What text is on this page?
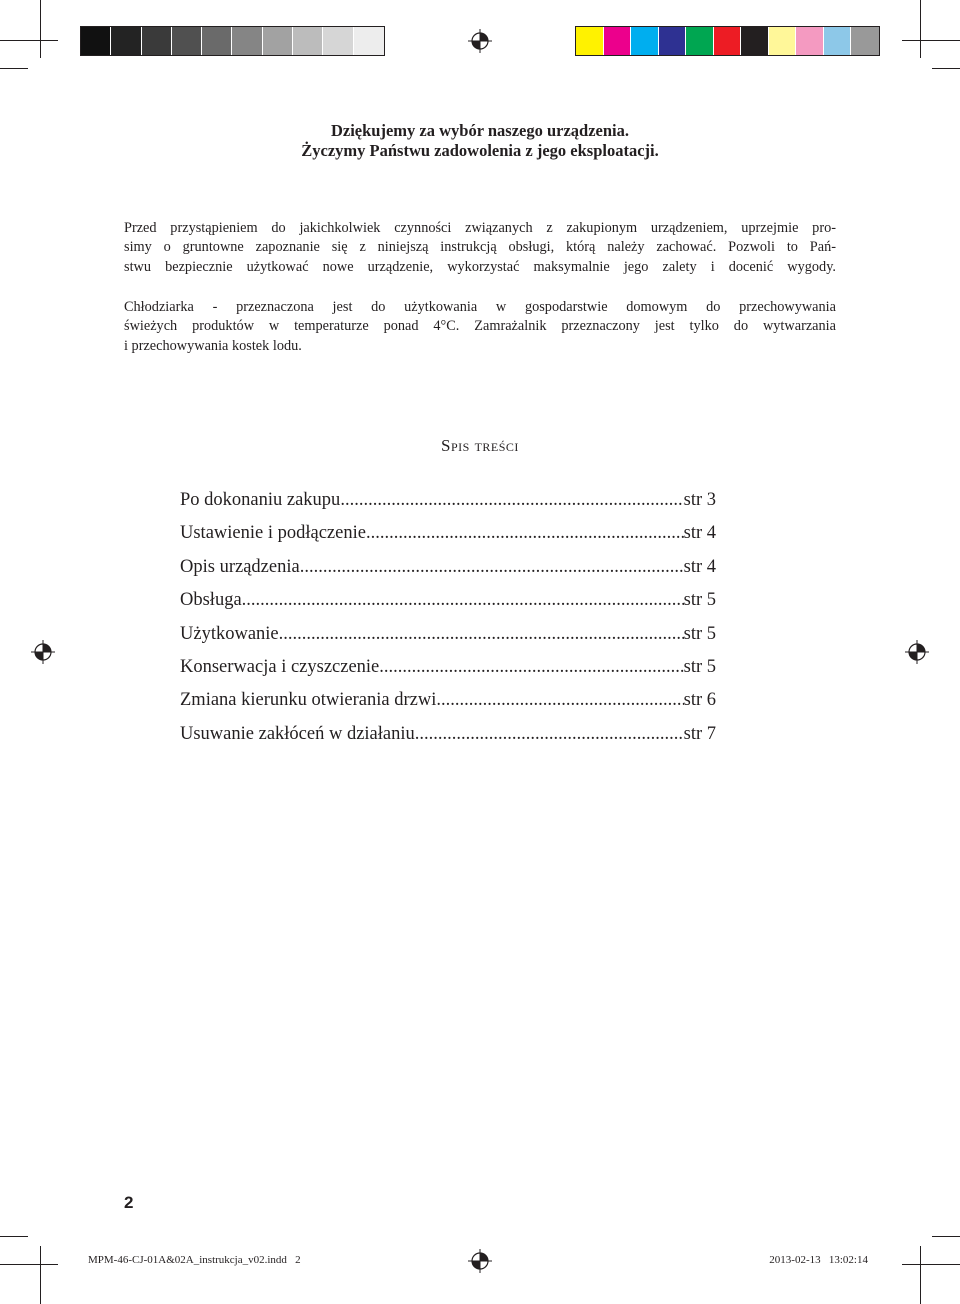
Dziękujemy za wybór naszego urządzenia.
Życzymy Państwu zadowolenia z jego eksploatacji.

Przed przystąpieniem do jakichkolwiek czynności związanych z zakupionym urządzeniem, uprzejmie pro-
simy o gruntowne zapoznanie się z niniejszą instrukcją obsługi, którą należy zachować. Pozwoli to Pań-
stwu bezpiecznie użytkować nowe urządzenie, wykorzystać maksymalnie jego zalety i docenić wygody.

Chłodziarka - przeznaczona jest do użytkowania w gospodarstwie domowym do przechowywania
świeżych produktów w temperaturze ponad 4°C. Zamrażalnik przeznaczony jest tylko do wytwarzania
i przechowywania kostek lodu.

Spis treści
Po dokonaniu zakupu .....	str 3
Ustawienie i podłączenie .....	str 4
Opis urządzenia .....	str 4
Obsługa .....	str 5
Użytkowanie .....	str 5
Konserwacja i czyszczenie .....	str 5
Zmiana kierunku otwierania drzwi .....	str 6
Usuwanie zakłóceń w działaniu .....	str 7
2
MPM-46-CJ-01A&02A_instrukcja_v02.indd   2	2013-02-13   13:02:14
